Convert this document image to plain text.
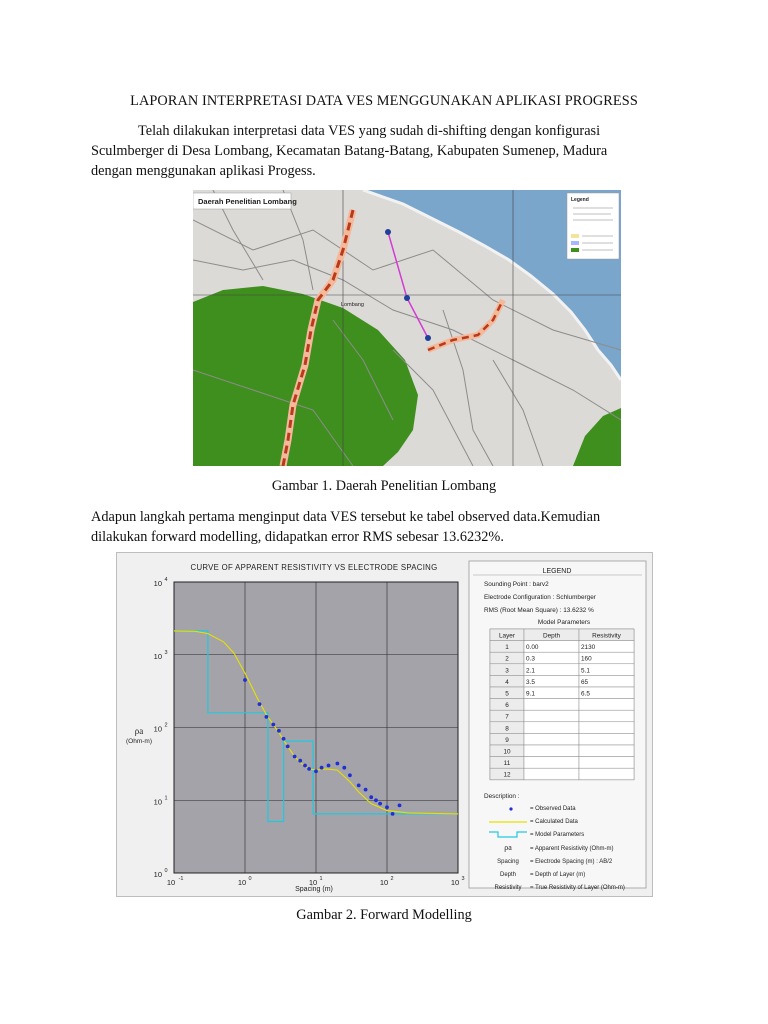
LAPORAN INTERPRETASI DATA VES MENGGUNAKAN APLIKASI PROGRESS
Telah dilakukan interpretasi data VES yang sudah di-shifting dengan konfigurasi
Sculmberger di Desa Lombang, Kecamatan Batang-Batang, Kabupaten Sumenep, Madura
dengan menggunakan aplikasi Progess.
Daerah Penelitian Lombang
Lombang
Legend
Gambar 1. Daerah Penelitian Lombang
Adapun langkah pertama menginput data VES tersebut ke tabel observed data.Kemudian
dilakukan forward modelling, didapatkan error RMS sebesar 13.6232%.
CURVE OF APPARENT RESISTIVITY VS ELECTRODE SPACING
10 -1	10 0	10 1	10 2	10 3
10 0
10 1
10 2
10 3
10 4
Spacing (m)
ρa
(Ohm-m)
LEGEND
Sounding Point : barv2
Electrode Configuration : Schlumberger
RMS (Root Mean Square) : 13.6232 %
Model Parameters
Layer	Depth	Resistivity
1	0.00	2130
2	0.3	160
3	2.1	5.1
4	3.5	65
5	9.1	6.5
6
7
8
9
10
11
12
Description :
= Observed Data
= Calculated Data
= Model Parameters
ρa	= Apparent Resistivity (Ohm-m)
Spacing = Electrode Spacing (m) : AB/2
Depth = Depth of Layer (m)
Resistivity = True Resistivity of Layer (Ohm-m)
Gambar 2. Forward Modelling
